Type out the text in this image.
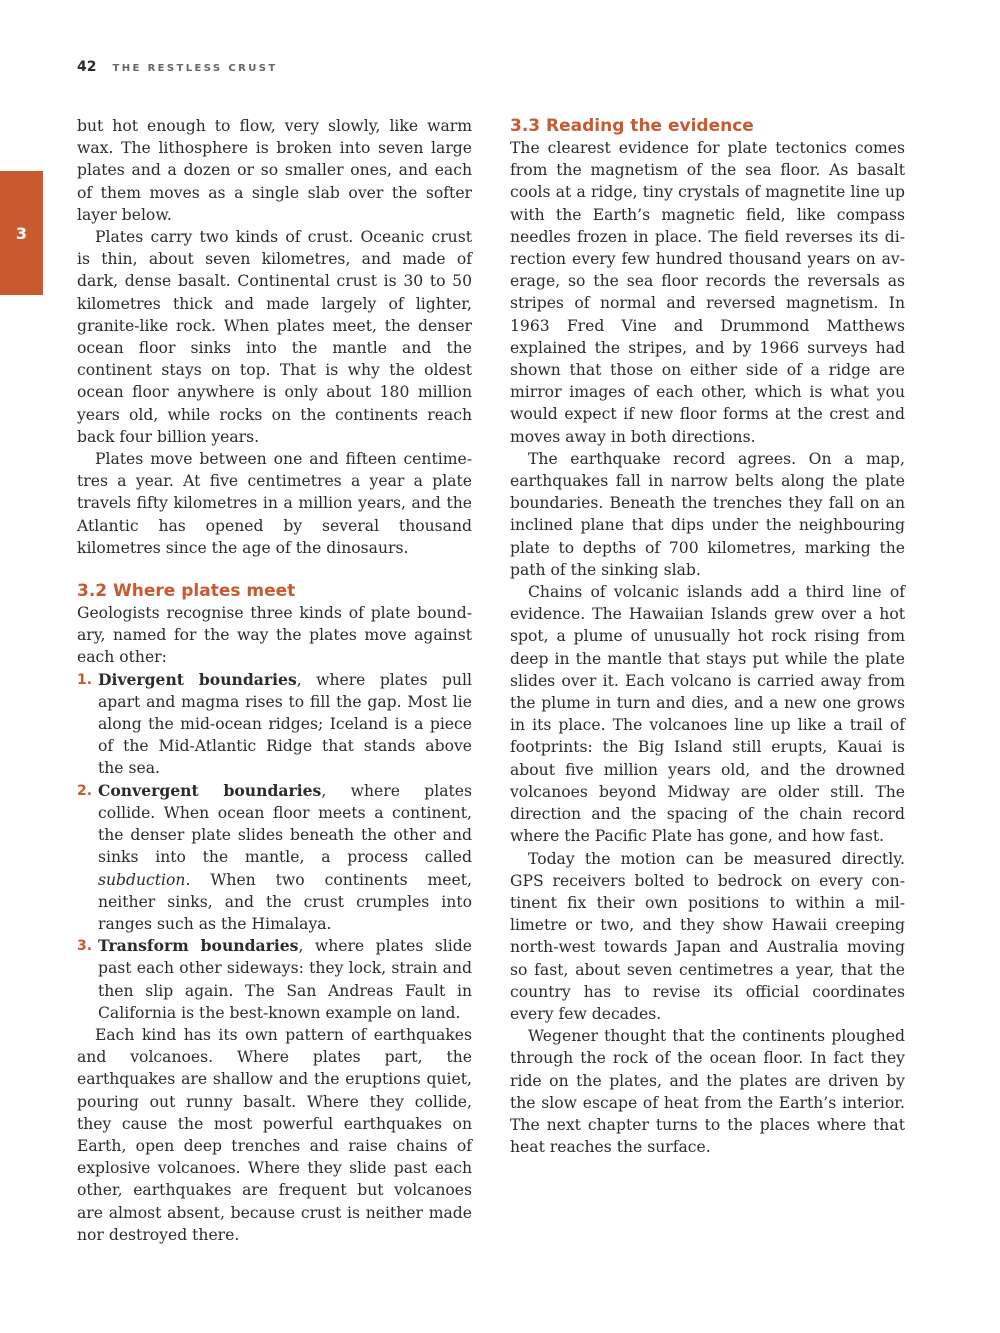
42 THE RESTLESS CRUST
3

but hot enough to flow, very slowly, like warm wax. The lithosphere is broken into seven large plates and a dozen or so smaller ones, and each of them moves as a single slab over the softer layer below.

Plates carry two kinds of crust. Oceanic crust is thin, about seven kilometres, and made of dark, dense basalt. Continental crust is 30 to 50 kilometres thick and made largely of lighter, granite-like rock. When plates meet, the denser ocean floor sinks into the mantle and the continent stays on top. That is why the oldest ocean floor anywhere is only about 180 million years old, while rocks on the continents reach back four billion years.

Plates move between one and fifteen centimetres a year. At five centimetres a year a plate travels fifty kilometres in a million years, and the Atlantic has opened by several thousand kilometres since the age of the dinosaurs.

3.2 Where plates meet

Geologists recognise three kinds of plate boundary, named for the way the plates move against each other:

1. Divergent boundaries, where plates pull apart and magma rises to fill the gap. Most lie along the mid-ocean ridges; Iceland is a piece of the Mid-Atlantic Ridge that stands above the sea.
2. Convergent boundaries, where plates collide. When ocean floor meets a continent, the denser plate slides beneath the other and sinks into the mantle, a process called subduction. When two continents meet, neither sinks, and the crust crumples into ranges such as the Himalaya.
3. Transform boundaries, where plates slide past each other sideways: they lock, strain and then slip again. The San Andreas Fault in California is the best-known example on land.

Each kind has its own pattern of earthquakes and volcanoes. Where plates part, the earthquakes are shallow and the eruptions quiet, pouring out runny basalt. Where they collide, they cause the most powerful earthquakes on Earth, open deep trenches and raise chains of explosive volcanoes. Where they slide past each other, earthquakes are frequent but volcanoes are almost absent, because crust is neither made nor destroyed there.

3.3 Reading the evidence

The clearest evidence for plate tectonics comes from the magnetism of the sea floor. As basalt cools at a ridge, tiny crystals of magnetite line up with the Earth’s magnetic field, like compass needles frozen in place. The field reverses its direction every few hundred thousand years on average, so the sea floor records the reversals as stripes of normal and reversed magnetism. In 1963 Fred Vine and Drummond Matthews explained the stripes, and by 1966 surveys had shown that those on either side of a ridge are mirror images of each other, which is what you would expect if new floor forms at the crest and moves away in both directions.

The earthquake record agrees. On a map, earthquakes fall in narrow belts along the plate boundaries. Beneath the trenches they fall on an inclined plane that dips under the neighbouring plate to depths of 700 kilometres, marking the path of the sinking slab.

Chains of volcanic islands add a third line of evidence. The Hawaiian Islands grew over a hot spot, a plume of unusually hot rock rising from deep in the mantle that stays put while the plate slides over it. Each volcano is carried away from the plume in turn and dies, and a new one grows in its place. The volcanoes line up like a trail of footprints: the Big Island still erupts, Kauai is about five million years old, and the drowned volcanoes beyond Midway are older still. The direction and the spacing of the chain record where the Pacific Plate has gone, and how fast.

Today the motion can be measured directly. GPS receivers bolted to bedrock on every continent fix their own positions to within a millimetre or two, and they show Hawaii creeping north-west towards Japan and Australia moving so fast, about seven centimetres a year, that the country has to revise its official coordinates every few decades.

Wegener thought that the continents ploughed through the rock of the ocean floor. In fact they ride on the plates, and the plates are driven by the slow escape of heat from the Earth’s interior. The next chapter turns to the places where that heat reaches the surface.
